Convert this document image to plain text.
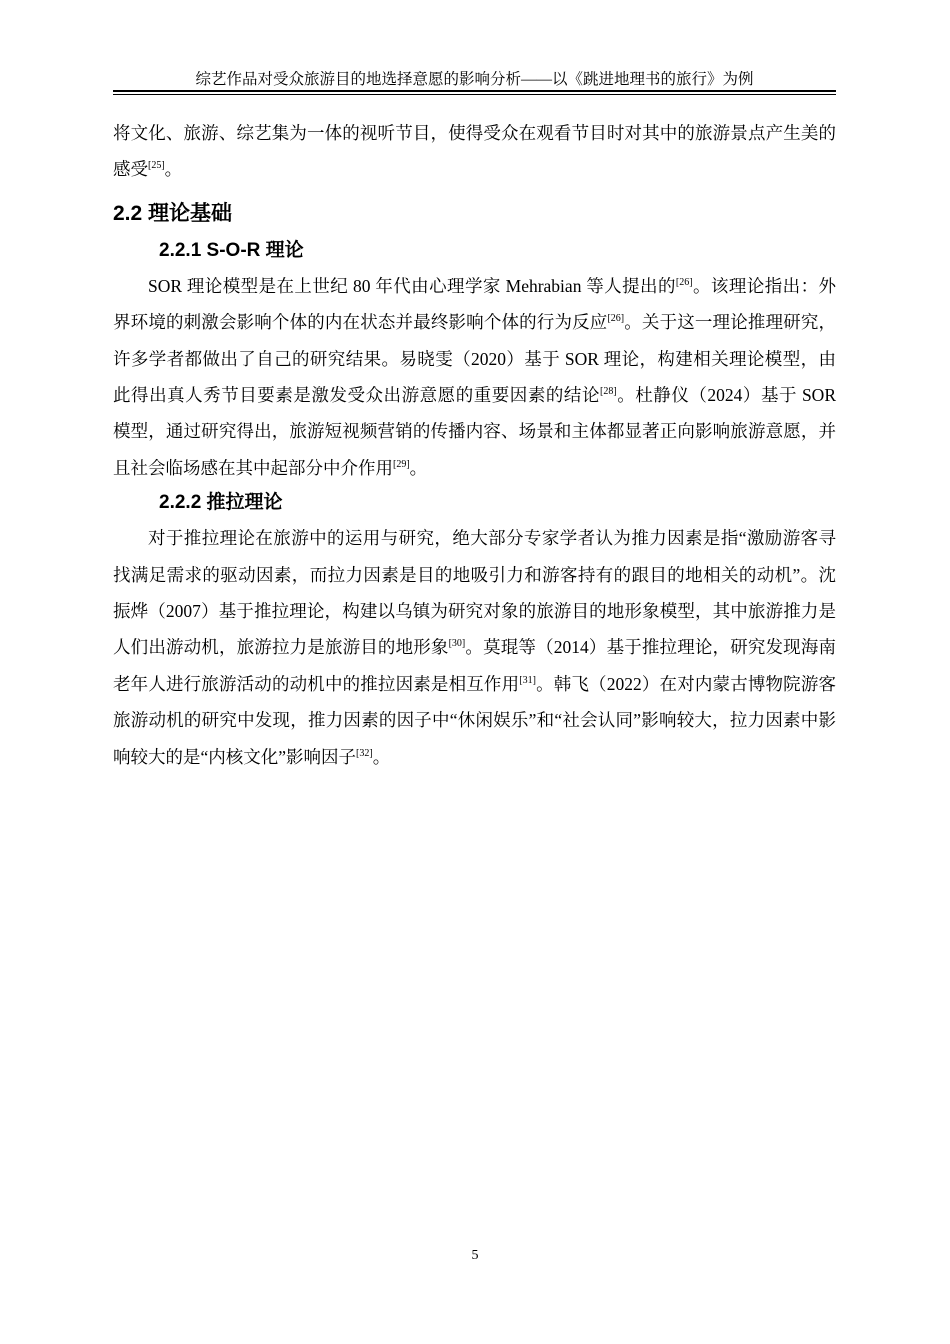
综艺作品对受众旅游目的地选择意愿的影响分析——以《跳进地理书的旅行》为例

将文化、旅游、综艺集为一体的视听节目，使得受众在观看节目时对其中的旅游景点产生美的感受[25]。

2.2 理论基础
2.2.1 S-O-R 理论

SOR 理论模型是在上世纪 80 年代由心理学家 Mehrabian 等人提出的[26]。该理论指出：外界环境的刺激会影响个体的内在状态并最终影响个体的行为反应[26]。关于这一理论推理研究，许多学者都做出了自己的研究结果。易晓雯（2020）基于 SOR 理论，构建相关理论模型，由此得出真人秀节目要素是激发受众出游意愿的重要因素的结论[28]。杜静仪（2024）基于 SOR 模型，通过研究得出，旅游短视频营销的传播内容、场景和主体都显著正向影响旅游意愿，并且社会临场感在其中起部分中介作用[29]。

2.2.2 推拉理论

对于推拉理论在旅游中的运用与研究，绝大部分专家学者认为推力因素是指“激励游客寻找满足需求的驱动因素，而拉力因素是目的地吸引力和游客持有的跟目的地相关的动机”。沈振烨（2007）基于推拉理论，构建以乌镇为研究对象的旅游目的地形象模型，其中旅游推力是人们出游动机，旅游拉力是旅游目的地形象[30]。莫琨等（2014）基于推拉理论，研究发现海南老年人进行旅游活动的动机中的推拉因素是相互作用[31]。韩飞（2022）在对内蒙古博物院游客旅游动机的研究中发现，推力因素的因子中“休闲娱乐”和“社会认同”影响较大，拉力因素中影响较大的是“内核文化”影响因子[32]。

5
